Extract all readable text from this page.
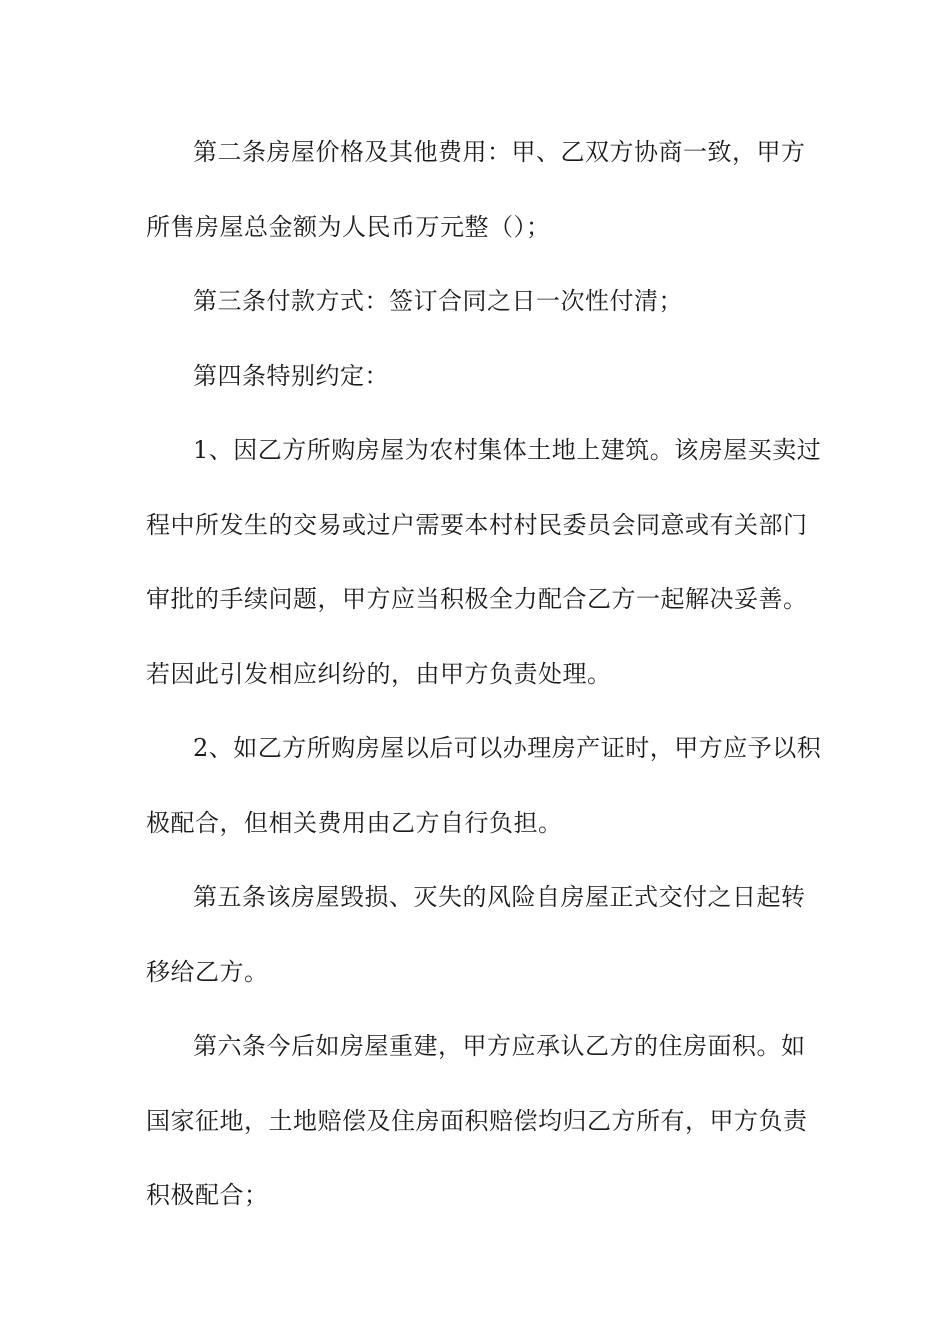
第二条房屋价格及其他费用：甲、乙双方协商一致，甲方
所售房屋总金额为人民币万元整（）；
第三条付款方式：签订合同之日一次性付清；
第四条特别约定：
1、因乙方所购房屋为农村集体土地上建筑。该房屋买卖过
程中所发生的交易或过户需要本村村民委员会同意或有关部门
审批的手续问题，甲方应当积极全力配合乙方一起解决妥善。
若因此引发相应纠纷的，由甲方负责处理。
2、如乙方所购房屋以后可以办理房产证时，甲方应予以积
极配合，但相关费用由乙方自行负担。
第五条该房屋毁损、灭失的风险自房屋正式交付之日起转
移给乙方。
第六条今后如房屋重建，甲方应承认乙方的住房面积。如
国家征地，土地赔偿及住房面积赔偿均归乙方所有，甲方负责
积极配合；
